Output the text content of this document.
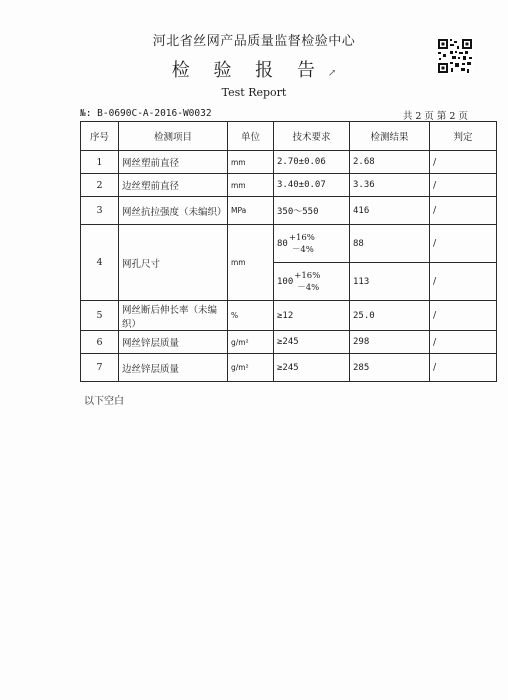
河北省丝网产品质量监督检验中心
检 验 报 告 ↗
Test Report
№: B-0690C-A-2016-W0032	共 2 页 第 2 页
序号	检测项目	单位	技术要求	检测结果	判定
1	网丝塑前直径	mm	2.70±0.06	2.68	/
2	边丝塑前直径	mm	3.40±0.07	3.36	/
3	网丝抗拉强度（未编织）	MPa	350～550	416	/
4	网孔尺寸	mm	80
+16%
－4%	88	/

			100
+16%
－4%	113	/
5	网丝断后伸长率（未编织）	%	≥12	25.0	/
6	网丝锌层质量	g/m²	≥245	298	/
7	边丝锌层质量	g/m²	≥245	285	/
以下空白
